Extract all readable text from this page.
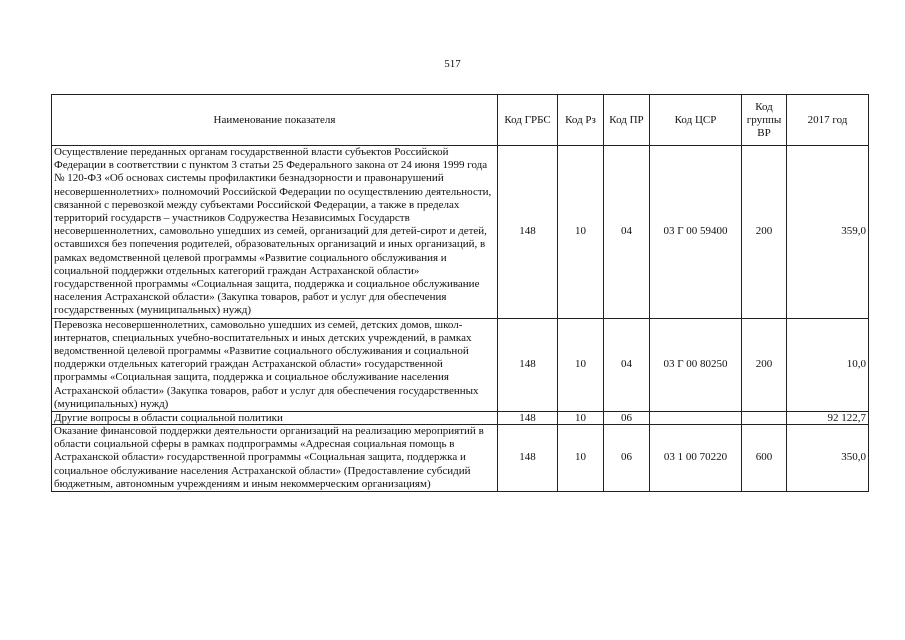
517
Наименование показателя	Код ГРБС	Код Рз	Код ПР	Код ЦСР	Код группы ВР	2017 год
Осуществление переданных органам государственной власти субъектов Российской Федерации в соответствии с пунктом 3 статьи 25 Федерального закона от 24 июня 1999 года № 120-ФЗ «Об основах системы профилактики безнадзорности и правонарушений несовершеннолетних» полномочий Российской Федерации по осуществлению деятельности, связанной с перевозкой между субъектами Российской Федерации, а также в пределах территорий государств – участников Содружества Независимых Государств несовершеннолетних, самовольно ушедших из семей, организаций для детей-сирот и детей, оставшихся без попечения родителей, образовательных организаций и иных организаций, в рамках ведомственной целевой программы «Развитие социального обслуживания и социальной поддержки отдельных категорий граждан Астраханской области» государственной программы «Социальная защита, поддержка и социальное обслуживание населения Астраханской области» (Закупка товаров, работ и услуг для обеспечения государственных (муниципальных) нужд)	148	10	04	03 Г 00 59400	200	359,0
Перевозка несовершеннолетних, самовольно ушедших из семей, детских домов, школ-интернатов, специальных учебно-воспитательных и иных детских учреждений, в рамках ведомственной целевой программы «Развитие социального обслуживания и социальной поддержки отдельных категорий граждан Астраханской области» государственной программы «Социальная защита, поддержка и социальное обслуживание населения Астраханской области» (Закупка товаров, работ и услуг для обеспечения государственных (муниципальных) нужд)	148	10	04	03 Г 00 80250	200	10,0
Другие вопросы в области социальной политики	148	10	06			92 122,7
Оказание финансовой поддержки деятельности организаций на реализацию мероприятий в области социальной сферы в рамках подпрограммы «Адресная социальная помощь в Астраханской области» государственной программы «Социальная защита, поддержка и социальное обслуживание населения Астраханской области» (Предоставление субсидий бюджетным, автономным учреждениям и иным некоммерческим организациям)	148	10	06	03 1 00 70220	600	350,0
